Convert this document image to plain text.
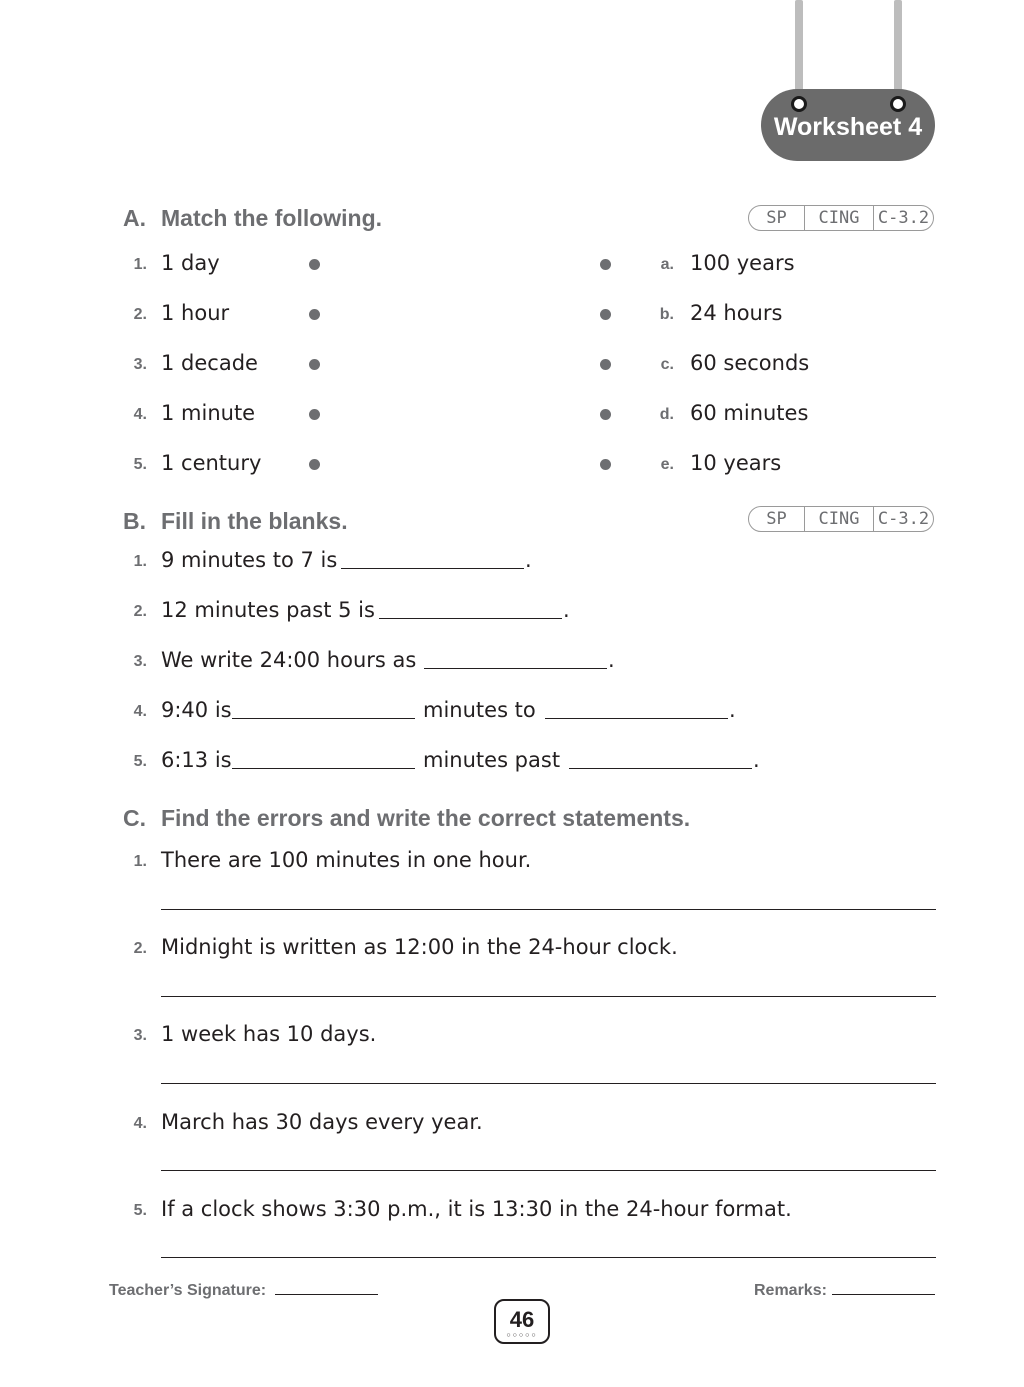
Worksheet 4
A. Match the following.	SP	CING	C-3.2
1. 1 day	a. 100 years
2. 1 hour	b. 24 hours
3. 1 decade	c. 60 seconds
4. 1 minute	d. 60 minutes
5. 1 century	e. 10 years
B. Fill in the blanks.	SP	CING	C-3.2
1. 9 minutes to 7 is	.
2. 12 minutes past 5 is	.
3. We write 24:00 hours as	.
4. 9:40 is	minutes to	.
5. 6:13 is	minutes past	.
C. Find the errors and write the correct statements.
1. There are 100 minutes in one hour.
2. Midnight is written as 12:00 in the 24-hour clock.
3. 1 week has 10 days.
4. March has 30 days every year.
5. If a clock shows 3:30 p.m., it is 13:30 in the 24-hour format.
Teacher’s Signature:	Remarks:
46
○○○○○
